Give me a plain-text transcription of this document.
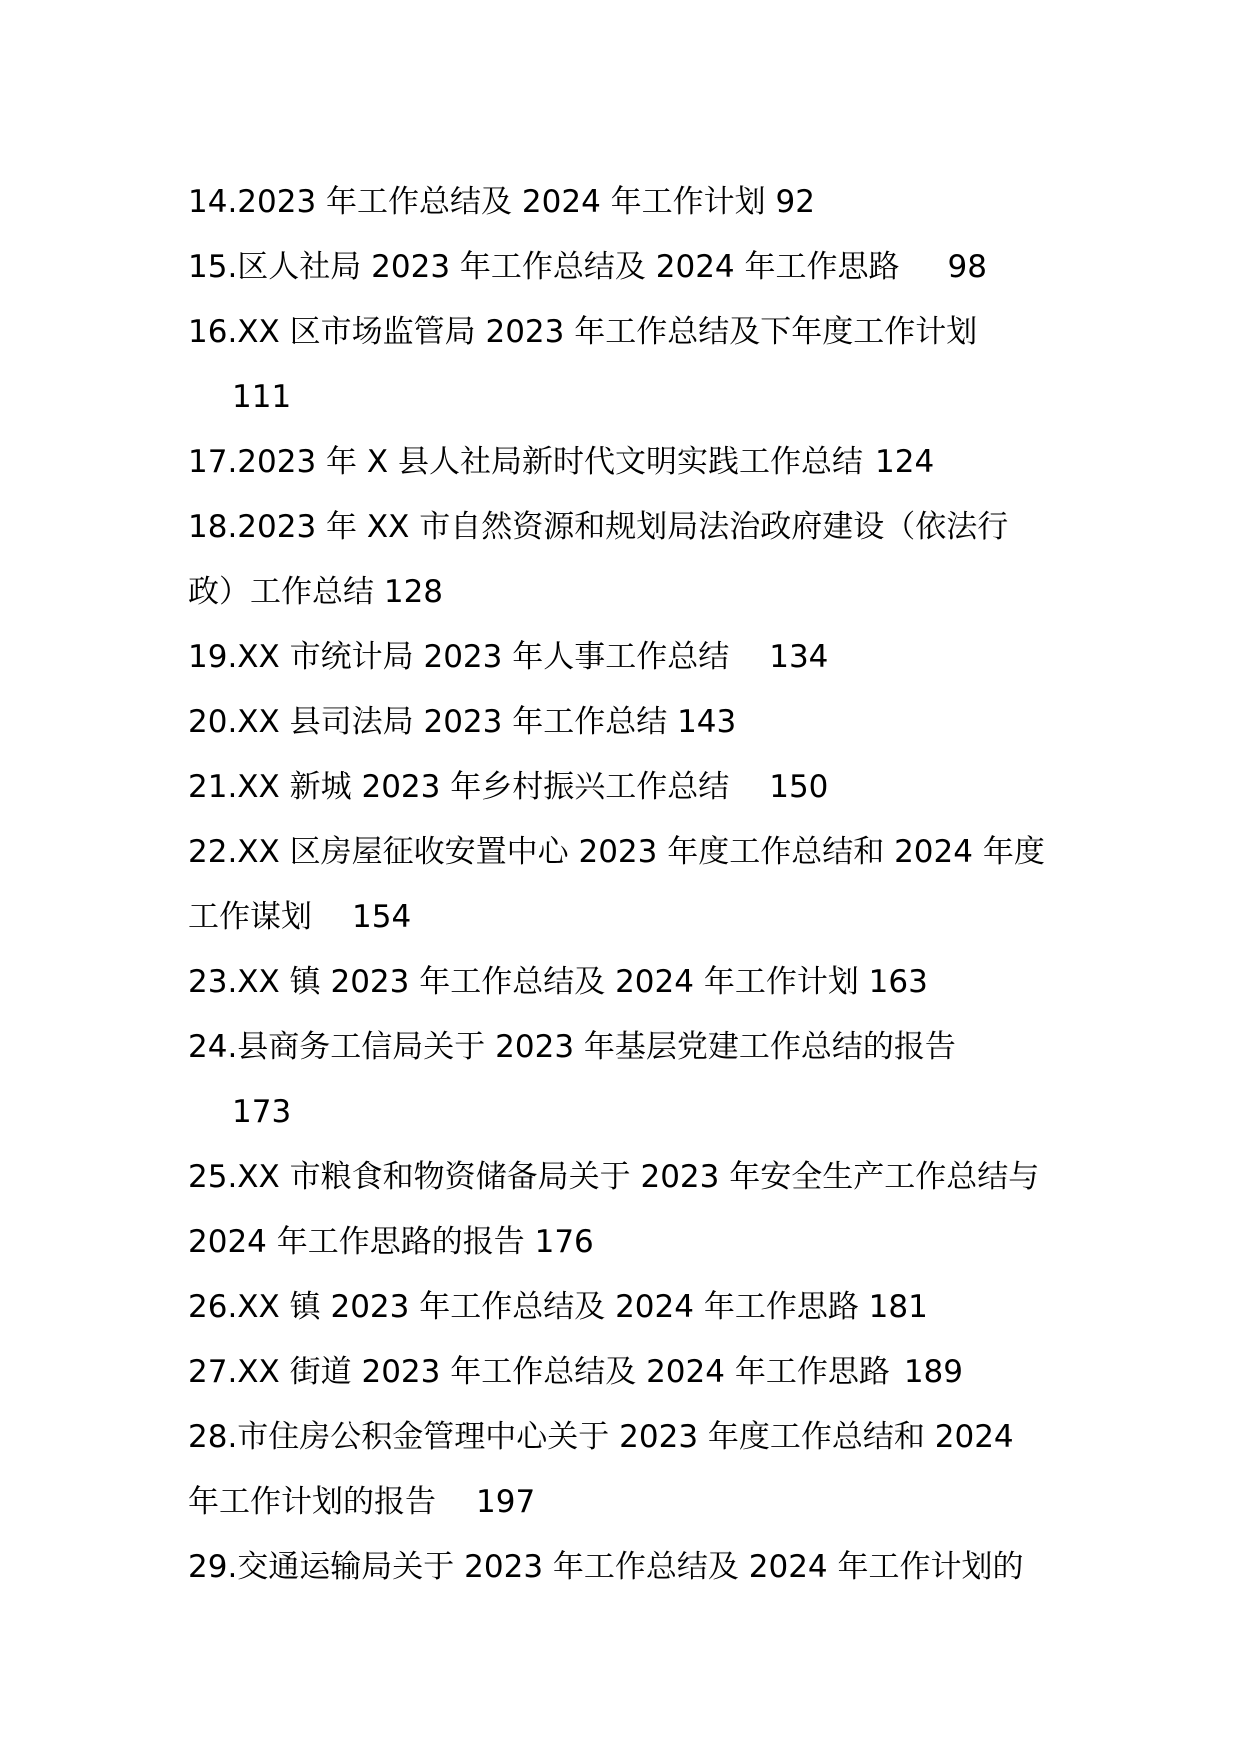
14.2023 年工作总结及 2024 年工作计划 92
15.区人社局 2023 年工作总结及 2024 年工作思路 98
16.XX 区市场监管局 2023 年工作总结及下年度工作计划
111
17.2023 年 X 县人社局新时代文明实践工作总结 124
18.2023 年 XX 市自然资源和规划局法治政府建设（依法行
政）工作总结 128
19.XX 市统计局 2023 年人事工作总结 134
20.XX 县司法局 2023 年工作总结 143
21.XX 新城 2023 年乡村振兴工作总结 150
22.XX 区房屋征收安置中心 2023 年度工作总结和 2024 年度
工作谋划 154
23.XX 镇 2023 年工作总结及 2024 年工作计划 163
24.县商务工信局关于 2023 年基层党建工作总结的报告
173
25.XX 市粮食和物资储备局关于 2023 年安全生产工作总结与
2024 年工作思路的报告 176
26.XX 镇 2023 年工作总结及 2024 年工作思路 181
27.XX 街道 2023 年工作总结及 2024 年工作思路 189
28.市住房公积金管理中心关于 2023 年度工作总结和 2024
年工作计划的报告 197
29.交通运输局关于 2023 年工作总结及 2024 年工作计划的
